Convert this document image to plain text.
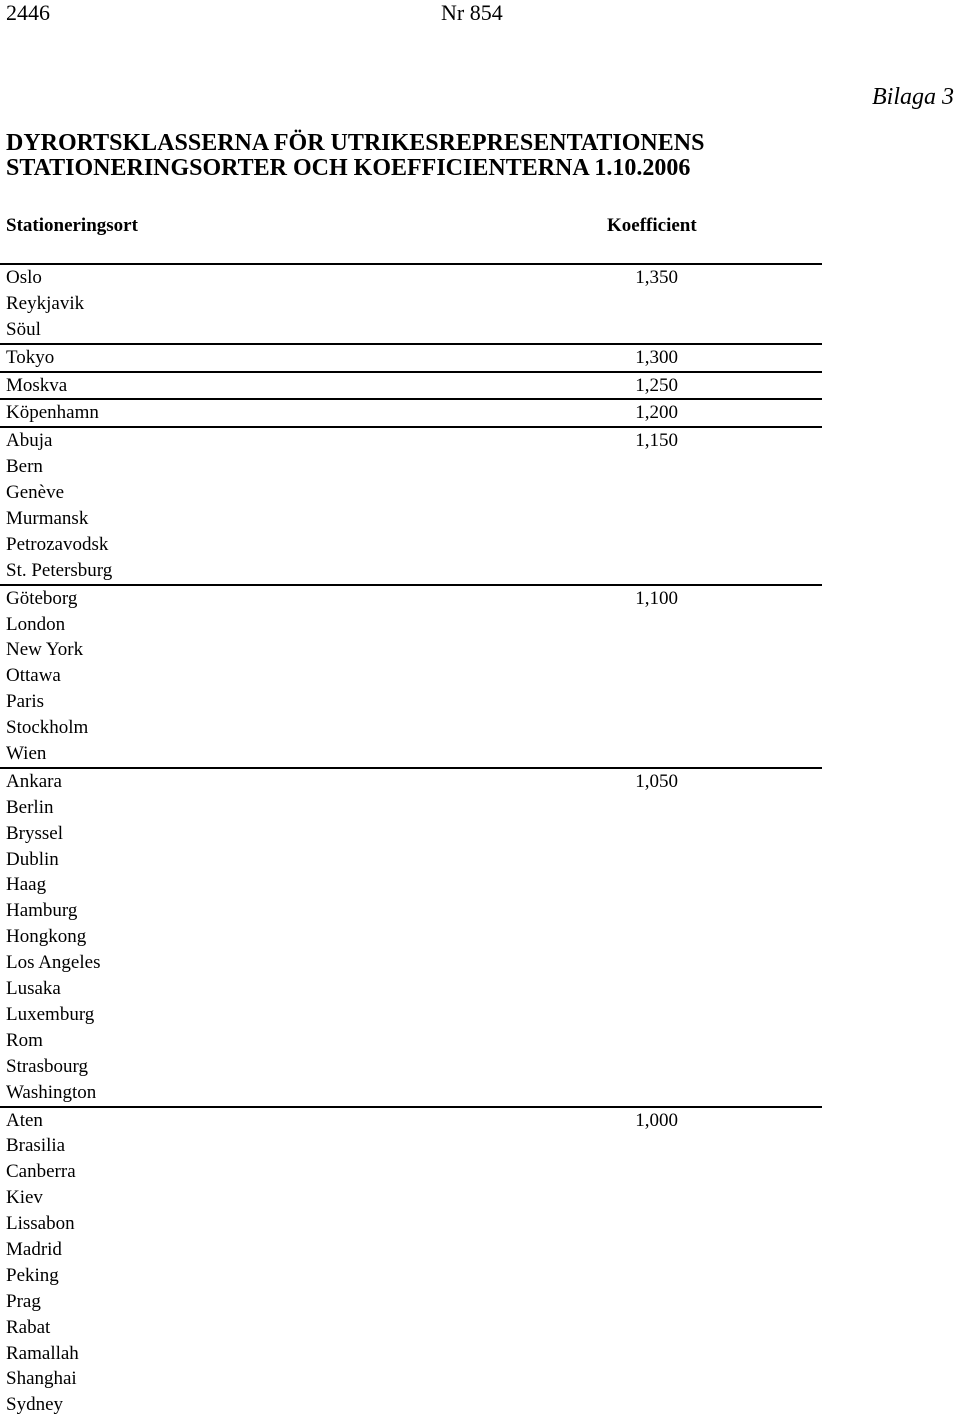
2446	Nr 854
Bilaga 3
DYRORTSKLASSERNA FÖR UTRIKESREPRESENTATIONENS
STATIONERINGSORTER OCH KOEFFICIENTERNA 1.10.2006
Stationeringsort	Koefficient
Oslo	1,350
Reykjavik
Söul
Tokyo	1,300
Moskva	1,250
Köpenhamn	1,200
Abuja	1,150
Bern
Genève
Murmansk
Petrozavodsk
St. Petersburg
Göteborg	1,100
London
New York
Ottawa
Paris
Stockholm
Wien
Ankara	1,050
Berlin
Bryssel
Dublin
Haag
Hamburg
Hongkong
Los Angeles
Lusaka
Luxemburg
Rom
Strasbourg
Washington
Aten	1,000
Brasilia
Canberra
Kiev
Lissabon
Madrid
Peking
Prag
Rabat
Ramallah
Shanghai
Sydney
